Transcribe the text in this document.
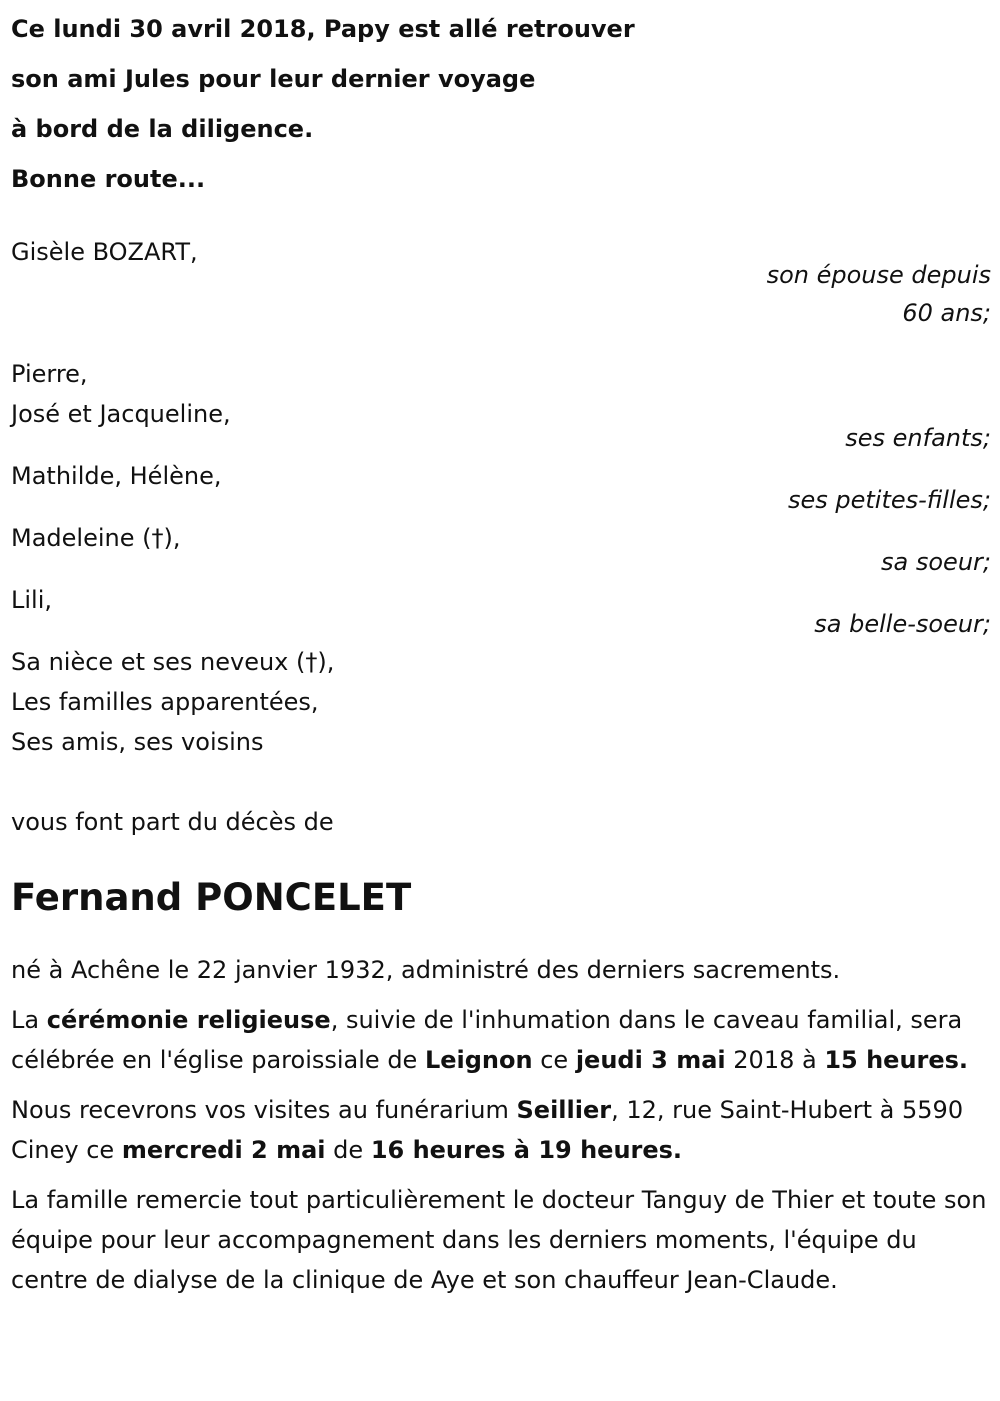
Ce lundi 30 avril 2018, Papy est allé retrouver
son ami Jules pour leur dernier voyage
à bord de la diligence.
Bonne route...
Gisèle BOZART,
son épouse depuis
60 ans;
Pierre,
José et Jacqueline,
ses enfants;
Mathilde, Hélène,
ses petites-filles;
Madeleine (†),
sa soeur;
Lili,
sa belle-soeur;
Sa nièce et ses neveux (†),
Les familles apparentées,
Ses amis, ses voisins
vous font part du décès de
Fernand PONCELET

né à Achêne le 22 janvier 1932, administré des derniers sacrements.

La cérémonie religieuse, suivie de l'inhumation dans le caveau familial, sera célébrée en l'église paroissiale de Leignon ce jeudi 3 mai 2018 à 15 heures.

Nous recevrons vos visites au funérarium Seillier, 12, rue Saint-Hubert à 5590 Ciney ce mercredi 2 mai de 16 heures à 19 heures.

La famille remercie tout particulièrement le docteur Tanguy de Thier et toute son équipe pour leur accompagnement dans les derniers moments, l'équipe du centre de dialyse de la clinique de Aye et son chauffeur Jean-Claude.
